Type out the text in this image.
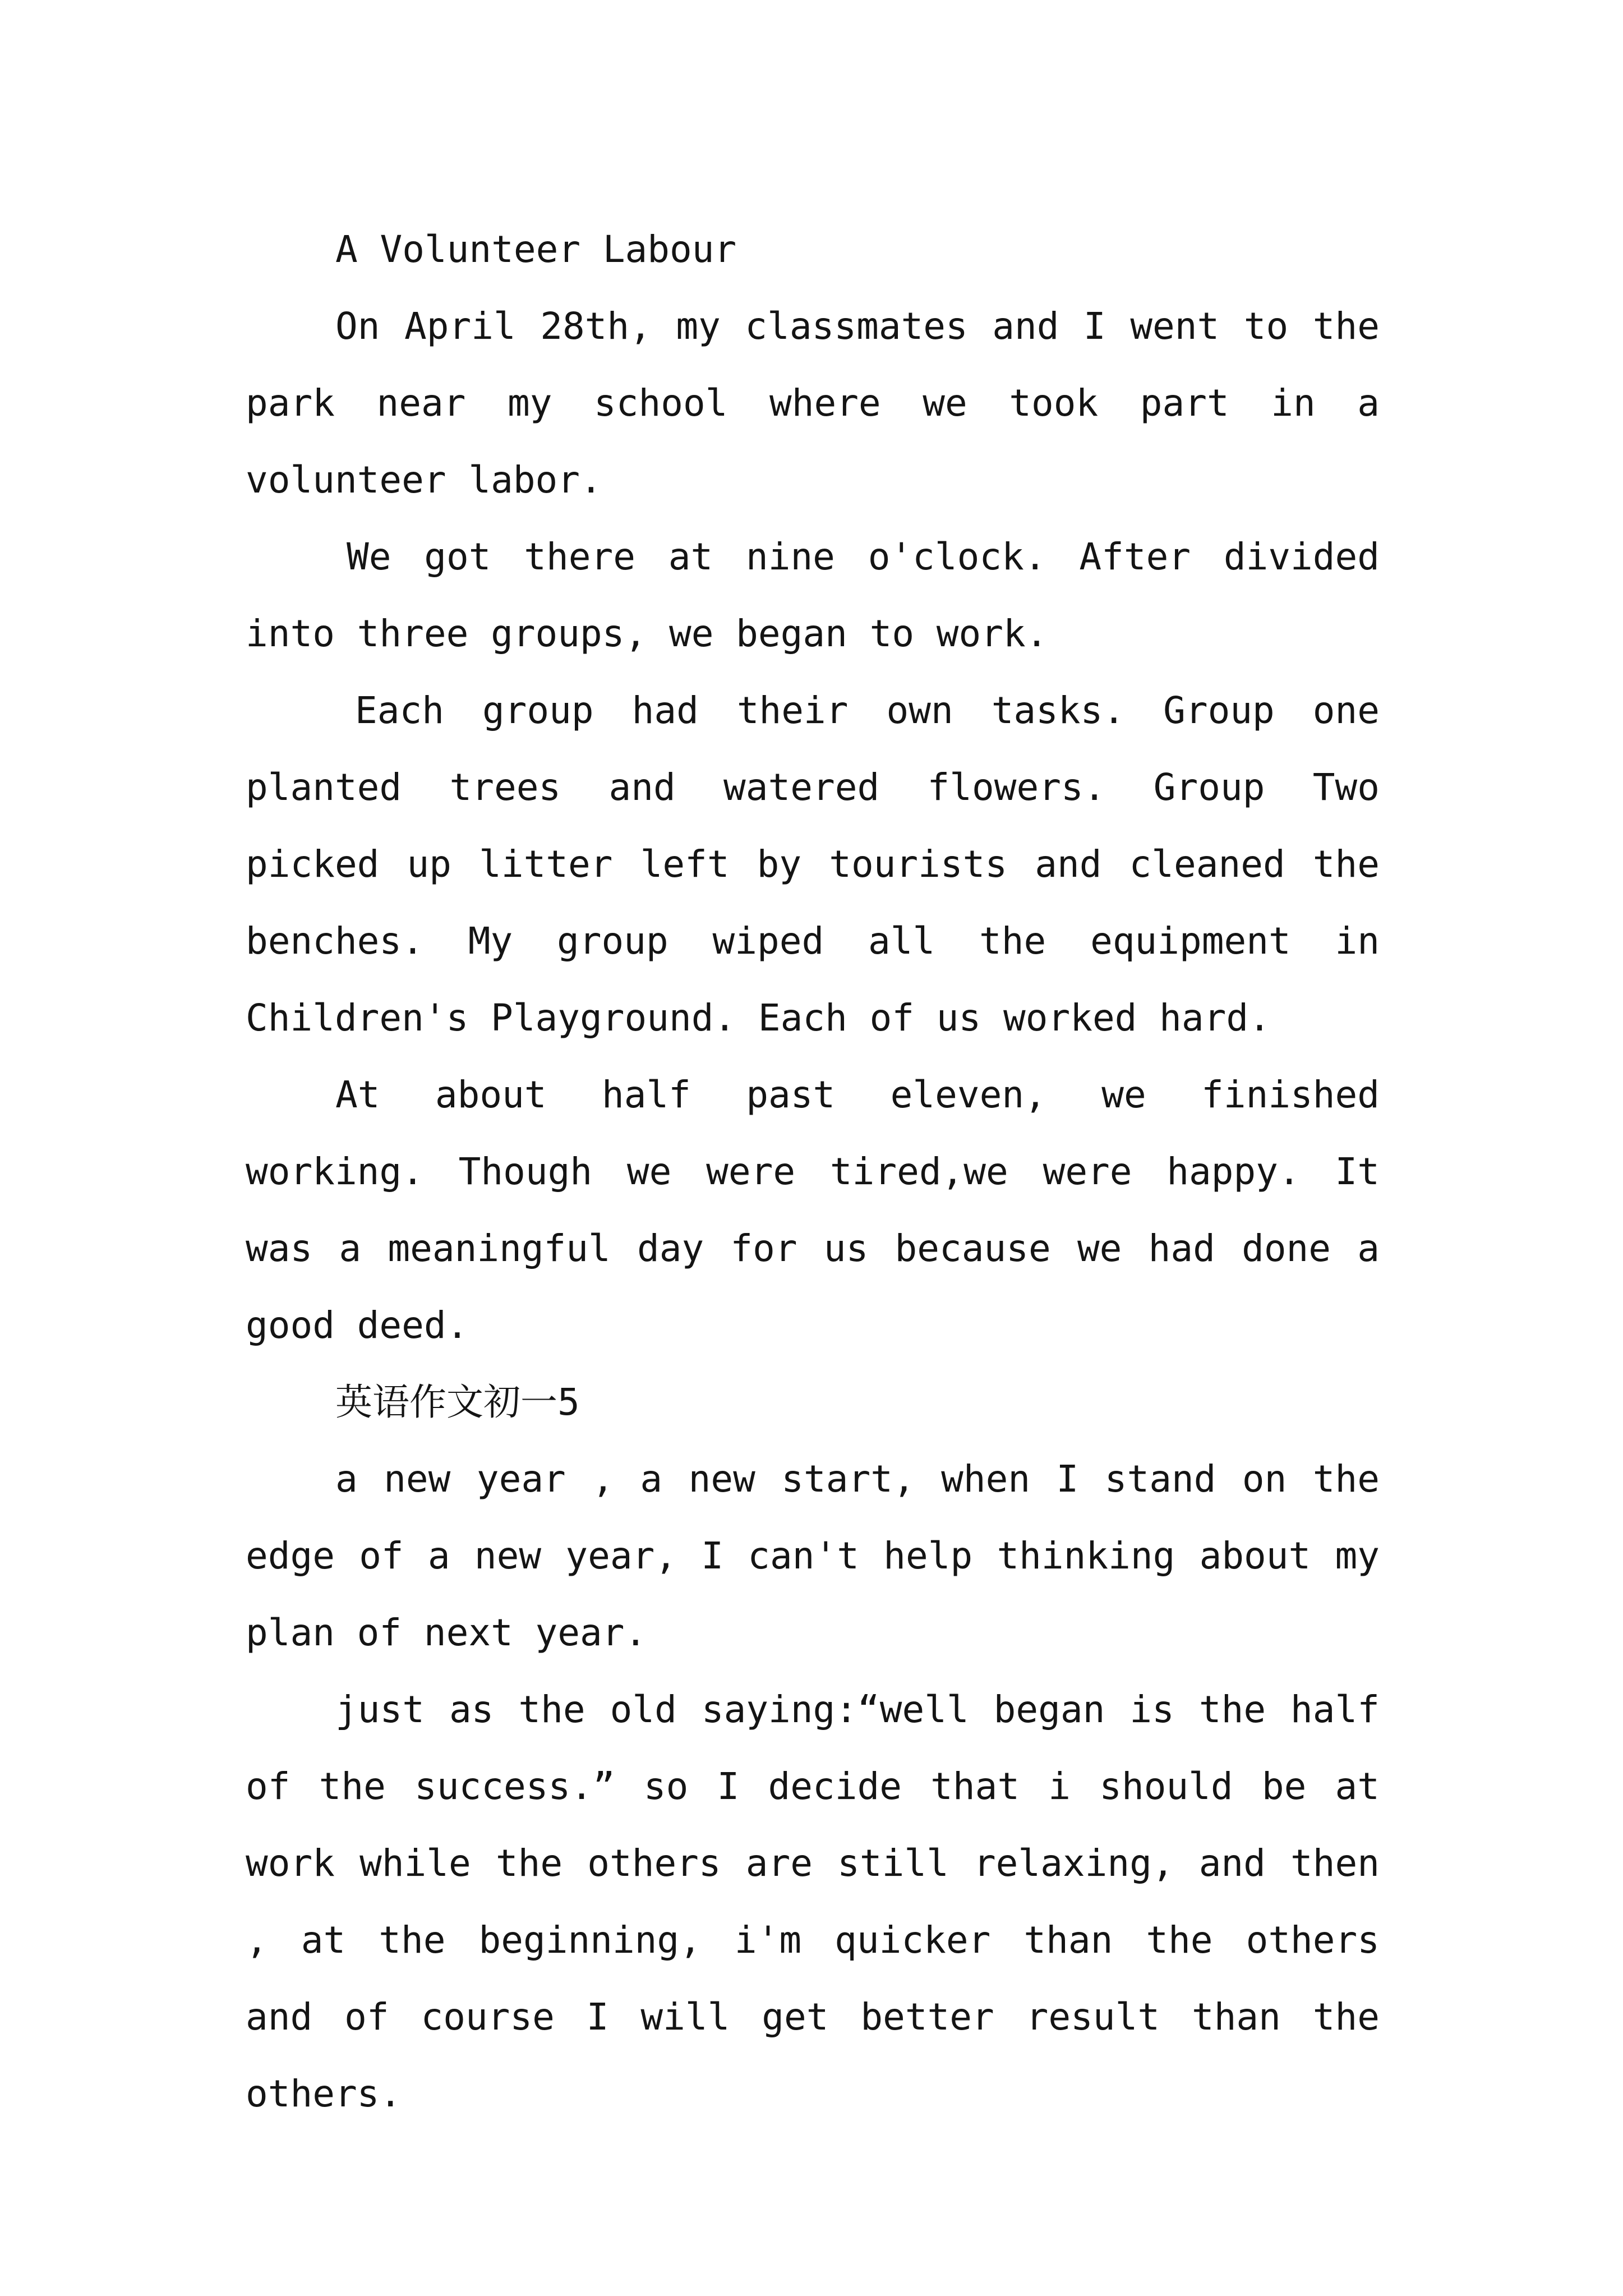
A Volunteer Labour

On April 28th, my classmates and I went to the park near my school where we took part in a volunteer labor.

We got there at nine o'clock. After divided into three groups, we began to work.

Each group had their own tasks. Group one planted trees and watered flowers. Group Two picked up litter left by tourists and cleaned the benches. My group wiped all the equipment in Children's Playground. Each of us worked hard.

At about half past eleven, we finished working. Though we were tired,we were happy. It was a meaningful day for us because we had done a good deed.

英语作文初一5

a new year , a new start, when I stand on the edge of a new year, I can't help thinking about my plan of next year.

just as the old saying:“well began is the half of the success.” so I decide that i should be at work while the others are still relaxing, and then , at the beginning, i'm quicker than the others and of course I will get better result than the others.
